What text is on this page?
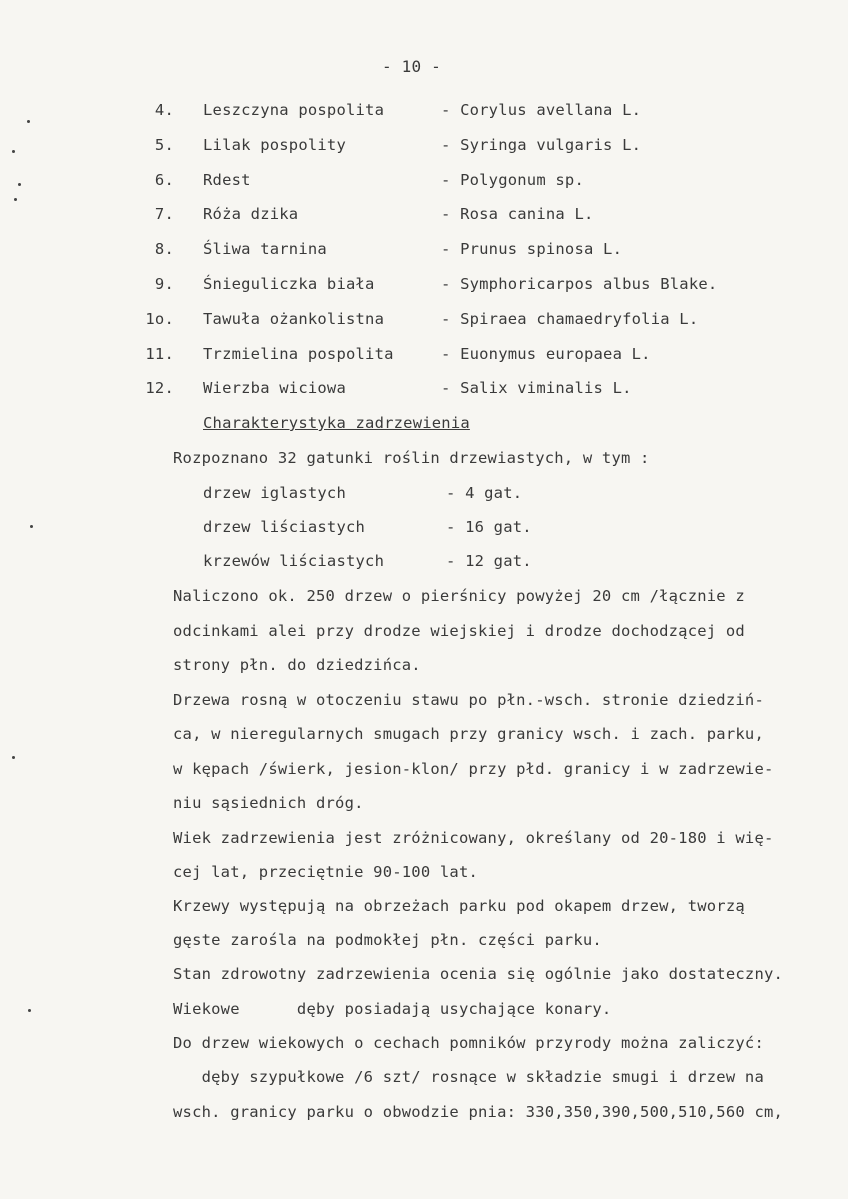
- 10 -
4. Leszczyna pospolita	- Corylus avellana L.
5. Lilak pospolity	- Syringa vulgaris L.
6. Rdest	- Polygonum sp.
7. Róża dzika	- Rosa canina L.
8. Śliwa tarnina	- Prunus spinosa L.
9. Śnieguliczka biała	- Symphoricarpos albus Blake.
1o. Tawuła ożankolistna	- Spiraea chamaedryfolia L.
11. Trzmielina pospolita	- Euonymus europaea L.
12. Wierzba wiciowa	- Salix viminalis L.
Charakterystyka zadrzewienia
Rozpoznano 32 gatunki roślin drzewiastych, w tym :
drzew iglastych	- 4 gat.
drzew liściastych	- 16 gat.
krzewów liściastych	- 12 gat.
Naliczono ok. 250 drzew o pierśnicy powyżej 20 cm /łącznie z
odcinkami alei przy drodze wiejskiej i drodze dochodzącej od
strony płn. do dziedzińca.
Drzewa rosną w otoczeniu stawu po płn.-wsch. stronie dziedziń-
ca, w nieregularnych smugach przy granicy wsch. i zach. parku,
w kępach /świerk, jesion-klon/ przy płd. granicy i w zadrzewie-
niu sąsiednich dróg.
Wiek zadrzewienia jest zróżnicowany, określany od 20-180 i wię-
cej lat, przeciętnie 90-100 lat.
Krzewy występują na obrzeżach parku pod okapem drzew, tworzą
gęste zarośla na podmokłej płn. części parku.
Stan zdrowotny zadrzewienia ocenia się ogólnie jako dostateczny.
Wiekowe      dęby posiadają usychające konary.
Do drzew wiekowych o cechach pomników przyrody można zaliczyć:
dęby szypułkowe /6 szt/ rosnące w składzie smugi i drzew na
wsch. granicy parku o obwodzie pnia: 330,350,390,500,510,560 cm,
